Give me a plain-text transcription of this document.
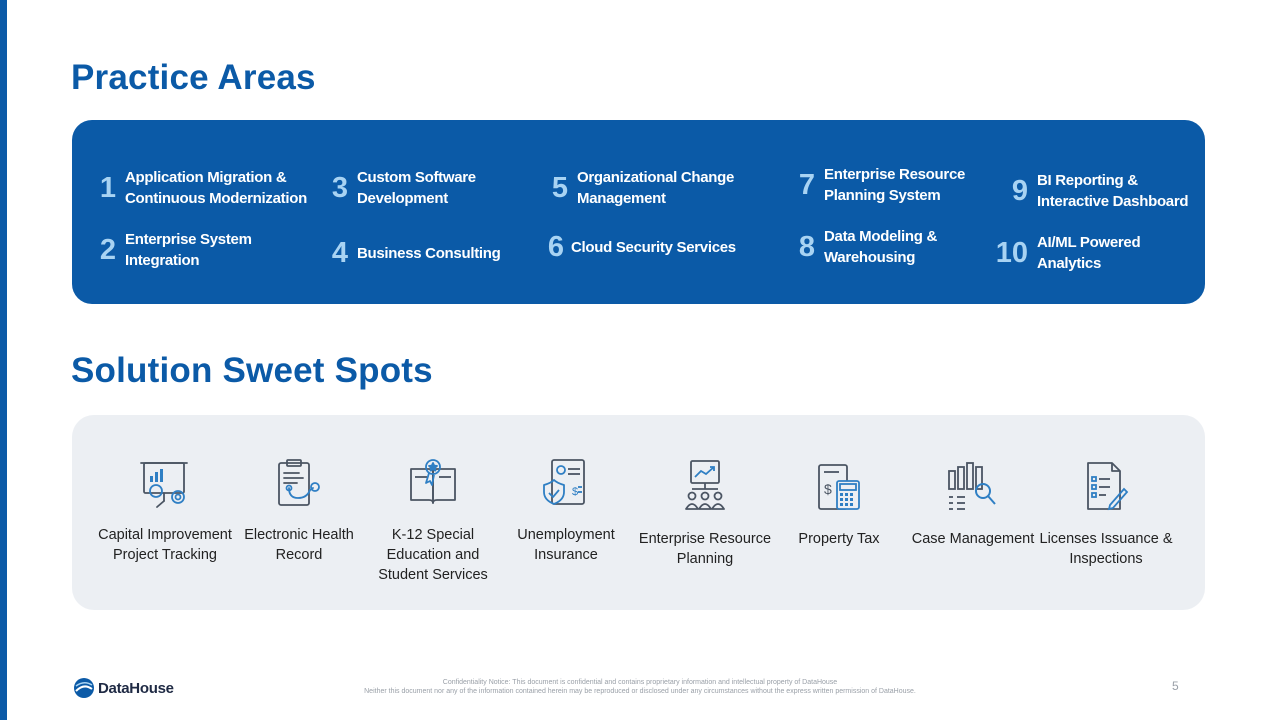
Practice Areas
1 Application Migration & Continuous Modernization
2 Enterprise System Integration
3 Custom Software Development
4 Business Consulting
5 Organizational Change Management
6 Cloud Security Services
7 Enterprise Resource Planning System
8 Data Modeling & Warehousing
9 BI Reporting & Interactive Dashboard
10 AI/ML Powered Analytics
Solution Sweet Spots
Capital Improvement Project Tracking
Electronic Health Record
K-12 Special Education and Student Services
$
Unemployment Insurance
Enterprise Resource Planning
$
Property Tax Case Management Licenses Issuance & Inspections
DataHouse	Confidentiality Notice: This document is confidential and contains proprietary information and intellectual property of DataHouse
Neither this document nor any of the information contained herein may be reproduced or disclosed under any circumstances without the express written permission of DataHouse.	5
